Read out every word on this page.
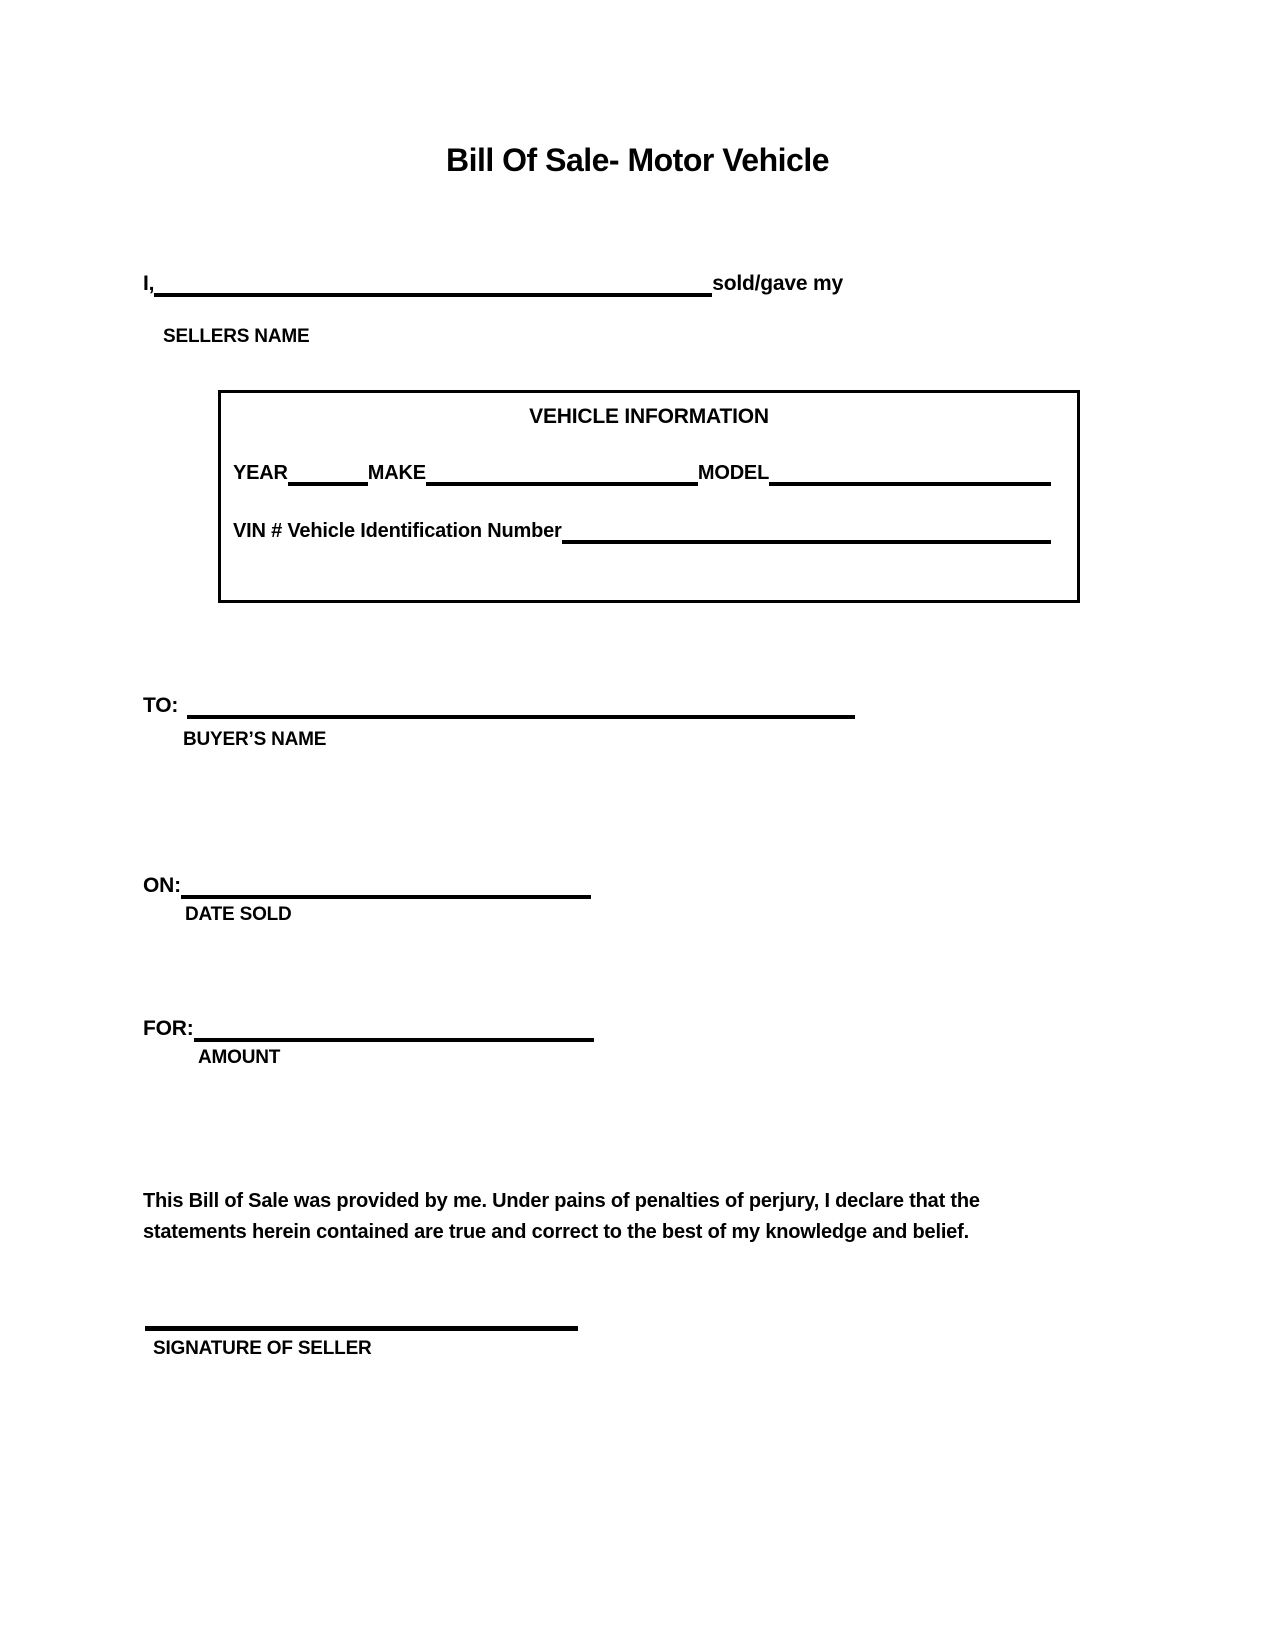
Bill Of Sale- Motor Vehicle
I,	sold/gave my
SELLERS NAME
VEHICLE INFORMATION
YEAR	MAKE	MODEL
VIN # Vehicle Identification Number
TO:
BUYER’S NAME
ON:
DATE SOLD
FOR:
AMOUNT
This Bill of Sale was provided by me. Under pains of penalties of perjury, I declare that the statements herein contained are true and correct to the best of my knowledge and belief.
SIGNATURE OF SELLER
